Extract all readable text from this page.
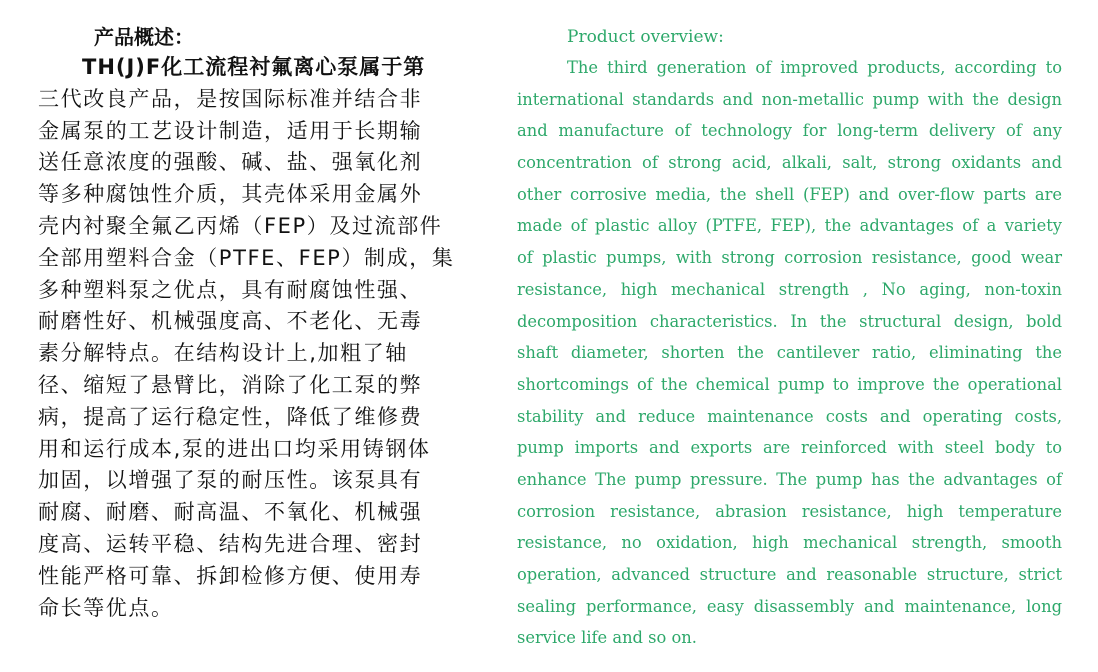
产品概述：
TH(J)F化工流程衬氟离心泵属于第
三代改良产品，是按国际标准并结合非
金属泵的工艺设计制造，适用于长期输
送任意浓度的强酸、碱、盐、强氧化剂
等多种腐蚀性介质，其壳体采用金属外
壳内衬聚全氟乙丙烯（FEP）及过流部件
全部用塑料合金（PTFE、FEP）制成，集
多种塑料泵之优点，具有耐腐蚀性强、
耐磨性好、机械强度高、不老化、无毒
素分解特点。在结构设计上,加粗了轴
径、缩短了悬臂比，消除了化工泵的弊
病，提高了运行稳定性，降低了维修费
用和运行成本,泵的进出口均采用铸钢体
加固，以增强了泵的耐压性。该泵具有
耐腐、耐磨、耐高温、不氧化、机械强
度高、运转平稳、结构先进合理、密封
性能严格可靠、拆卸检修方便、使用寿
命长等优点。
Product overview:
The third generation of improved products, according to
international standards and non-metallic pump with the design
and manufacture of technology for long-term delivery of any
concentration of strong acid, alkali, salt, strong oxidants and
other corrosive media, the shell (FEP) and over-flow parts are
made of plastic alloy (PTFE, FEP), the advantages of a variety
of plastic pumps, with strong corrosion resistance, good wear
resistance, high mechanical strength , No aging, non-toxin
decomposition characteristics. In the structural design, bold
shaft diameter, shorten the cantilever ratio, eliminating the
shortcomings of the chemical pump to improve the operational
stability and reduce maintenance costs and operating costs,
pump imports and exports are reinforced with steel body to
enhance The pump pressure. The pump has the advantages of
corrosion resistance, abrasion resistance, high temperature
resistance, no oxidation, high mechanical strength, smooth
operation, advanced structure and reasonable structure, strict
sealing performance, easy disassembly and maintenance, long
service life and so on.
